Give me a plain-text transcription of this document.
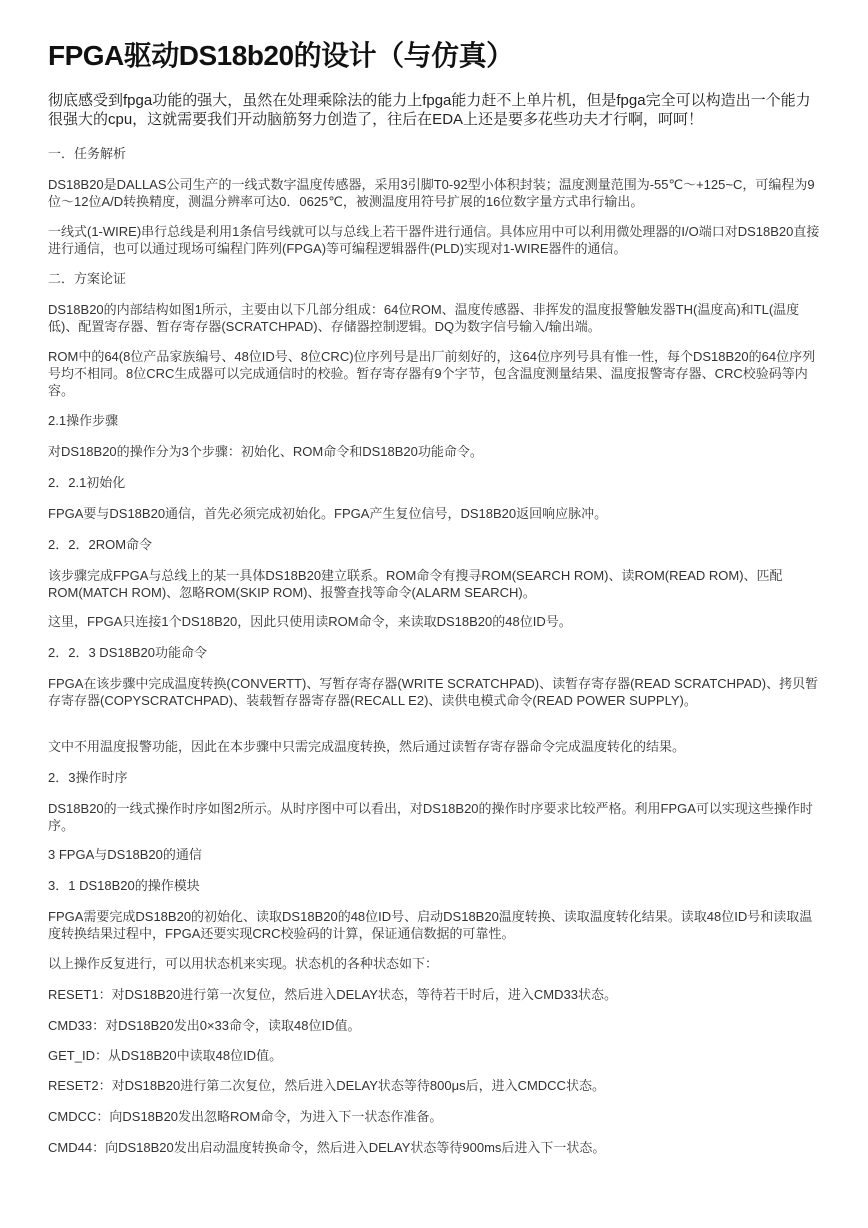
FPGA驱动DS18b20的设计（与仿真）

彻底感受到fpga功能的强大，虽然在处理乘除法的能力上fpga能力赶不上单片机，但是fpga完全可以构造出一个能力很强大的cpu，这就需要我们开动脑筋努力创造了，往后在EDA上还是要多花些功夫才行啊，呵呵！

一．任务解析

DS18B20是DALLAS公司生产的一线式数字温度传感器，采用3引脚T0-92型小体积封装；温度测量范围为-55℃～+125~C，可编程为9位～12位A/D转换精度，测温分辨率可达0．0625℃，被测温度用符号扩展的16位数字量方式串行输出。

一线式(1-WIRE)串行总线是利用1条信号线就可以与总线上若干器件进行通信。具体应用中可以利用微处理器的I/O端口对DS18B20直接进行通信，也可以通过现场可编程门阵列(FPGA)等可编程逻辑器件(PLD)实现对1-WIRE器件的通信。

二．方案论证

DS18B20的内部结构如图1所示，主要由以下几部分组成：64位ROM、温度传感器、非挥发的温度报警触发器TH(温度高)和TL(温度低)、配置寄存器、暂存寄存器(SCRATCHPAD)、存储器控制逻辑。DQ为数字信号输入/输出端。

ROM中的64(8位产品家族编号、48位ID号、8位CRC)位序列号是出厂前刻好的，这64位序列号具有惟一性，每个DS18B20的64位序列号均不相同。8位CRC生成器可以完成通信时的校验。暂存寄存器有9个字节，包含温度测量结果、温度报警寄存器、CRC校验码等内容。

2.1操作步骤

对DS18B20的操作分为3个步骤：初始化、ROM命令和DS18B20功能命令。

2．2.1初始化

FPGA要与DS18B20通信，首先必须完成初始化。FPGA产生复位信号，DS18B20返回响应脉冲。

2．2．2ROM命令

该步骤完成FPGA与总线上的某一具体DS18B20建立联系。ROM命令有搜寻ROM(SEARCH ROM)、读ROM(READ ROM)、匹配ROM(MATCH ROM)、忽略ROM(SKIP ROM)、报警查找等命令(ALARM SEARCH)。

这里，FPGA只连接1个DS18B20，因此只使用读ROM命令，来读取DS18B20的48位ID号。

2．2．3 DS18B20功能命令

FPGA在该步骤中完成温度转换(CONVERTT)、写暂存寄存器(WRITE SCRATCHPAD)、读暂存寄存器(READ SCRATCHPAD)、拷贝暂存寄存器(COPYSCRATCHPAD)、装载暂存器寄存器(RECALL E2)、读供电模式命令(READ POWER SUPPLY)。

文中不用温度报警功能，因此在本步骤中只需完成温度转换，然后通过读暂存寄存器命令完成温度转化的结果。

2．3操作时序

DS18B20的一线式操作时序如图2所示。从时序图中可以看出，对DS18B20的操作时序要求比较严格。利用FPGA可以实现这些操作时序。

3 FPGA与DS18B20的通信

3．1 DS18B20的操作模块

FPGA需要完成DS18B20的初始化、读取DS18B20的48位ID号、启动DS18B20温度转换、读取温度转化结果。读取48位ID号和读取温度转换结果过程中，FPGA还要实现CRC校验码的计算，保证通信数据的可靠性。

以上操作反复进行，可以用状态机来实现。状态机的各种状态如下：

RESET1：对DS18B20进行第一次复位，然后进入DELAY状态，等待若干时后，进入CMD33状态。

CMD33：对DS18B20发出0×33命令，读取48位ID值。

GET_ID：从DS18B20中读取48位ID值。

RESET2：对DS18B20进行第二次复位，然后进入DELAY状态等待800μs后，进入CMDCC状态。

CMDCC：向DS18B20发出忽略ROM命令，为进入下一状态作准备。

CMD44：向DS18B20发出启动温度转换命令，然后进入DELAY状态等待900ms后进入下一状态。
